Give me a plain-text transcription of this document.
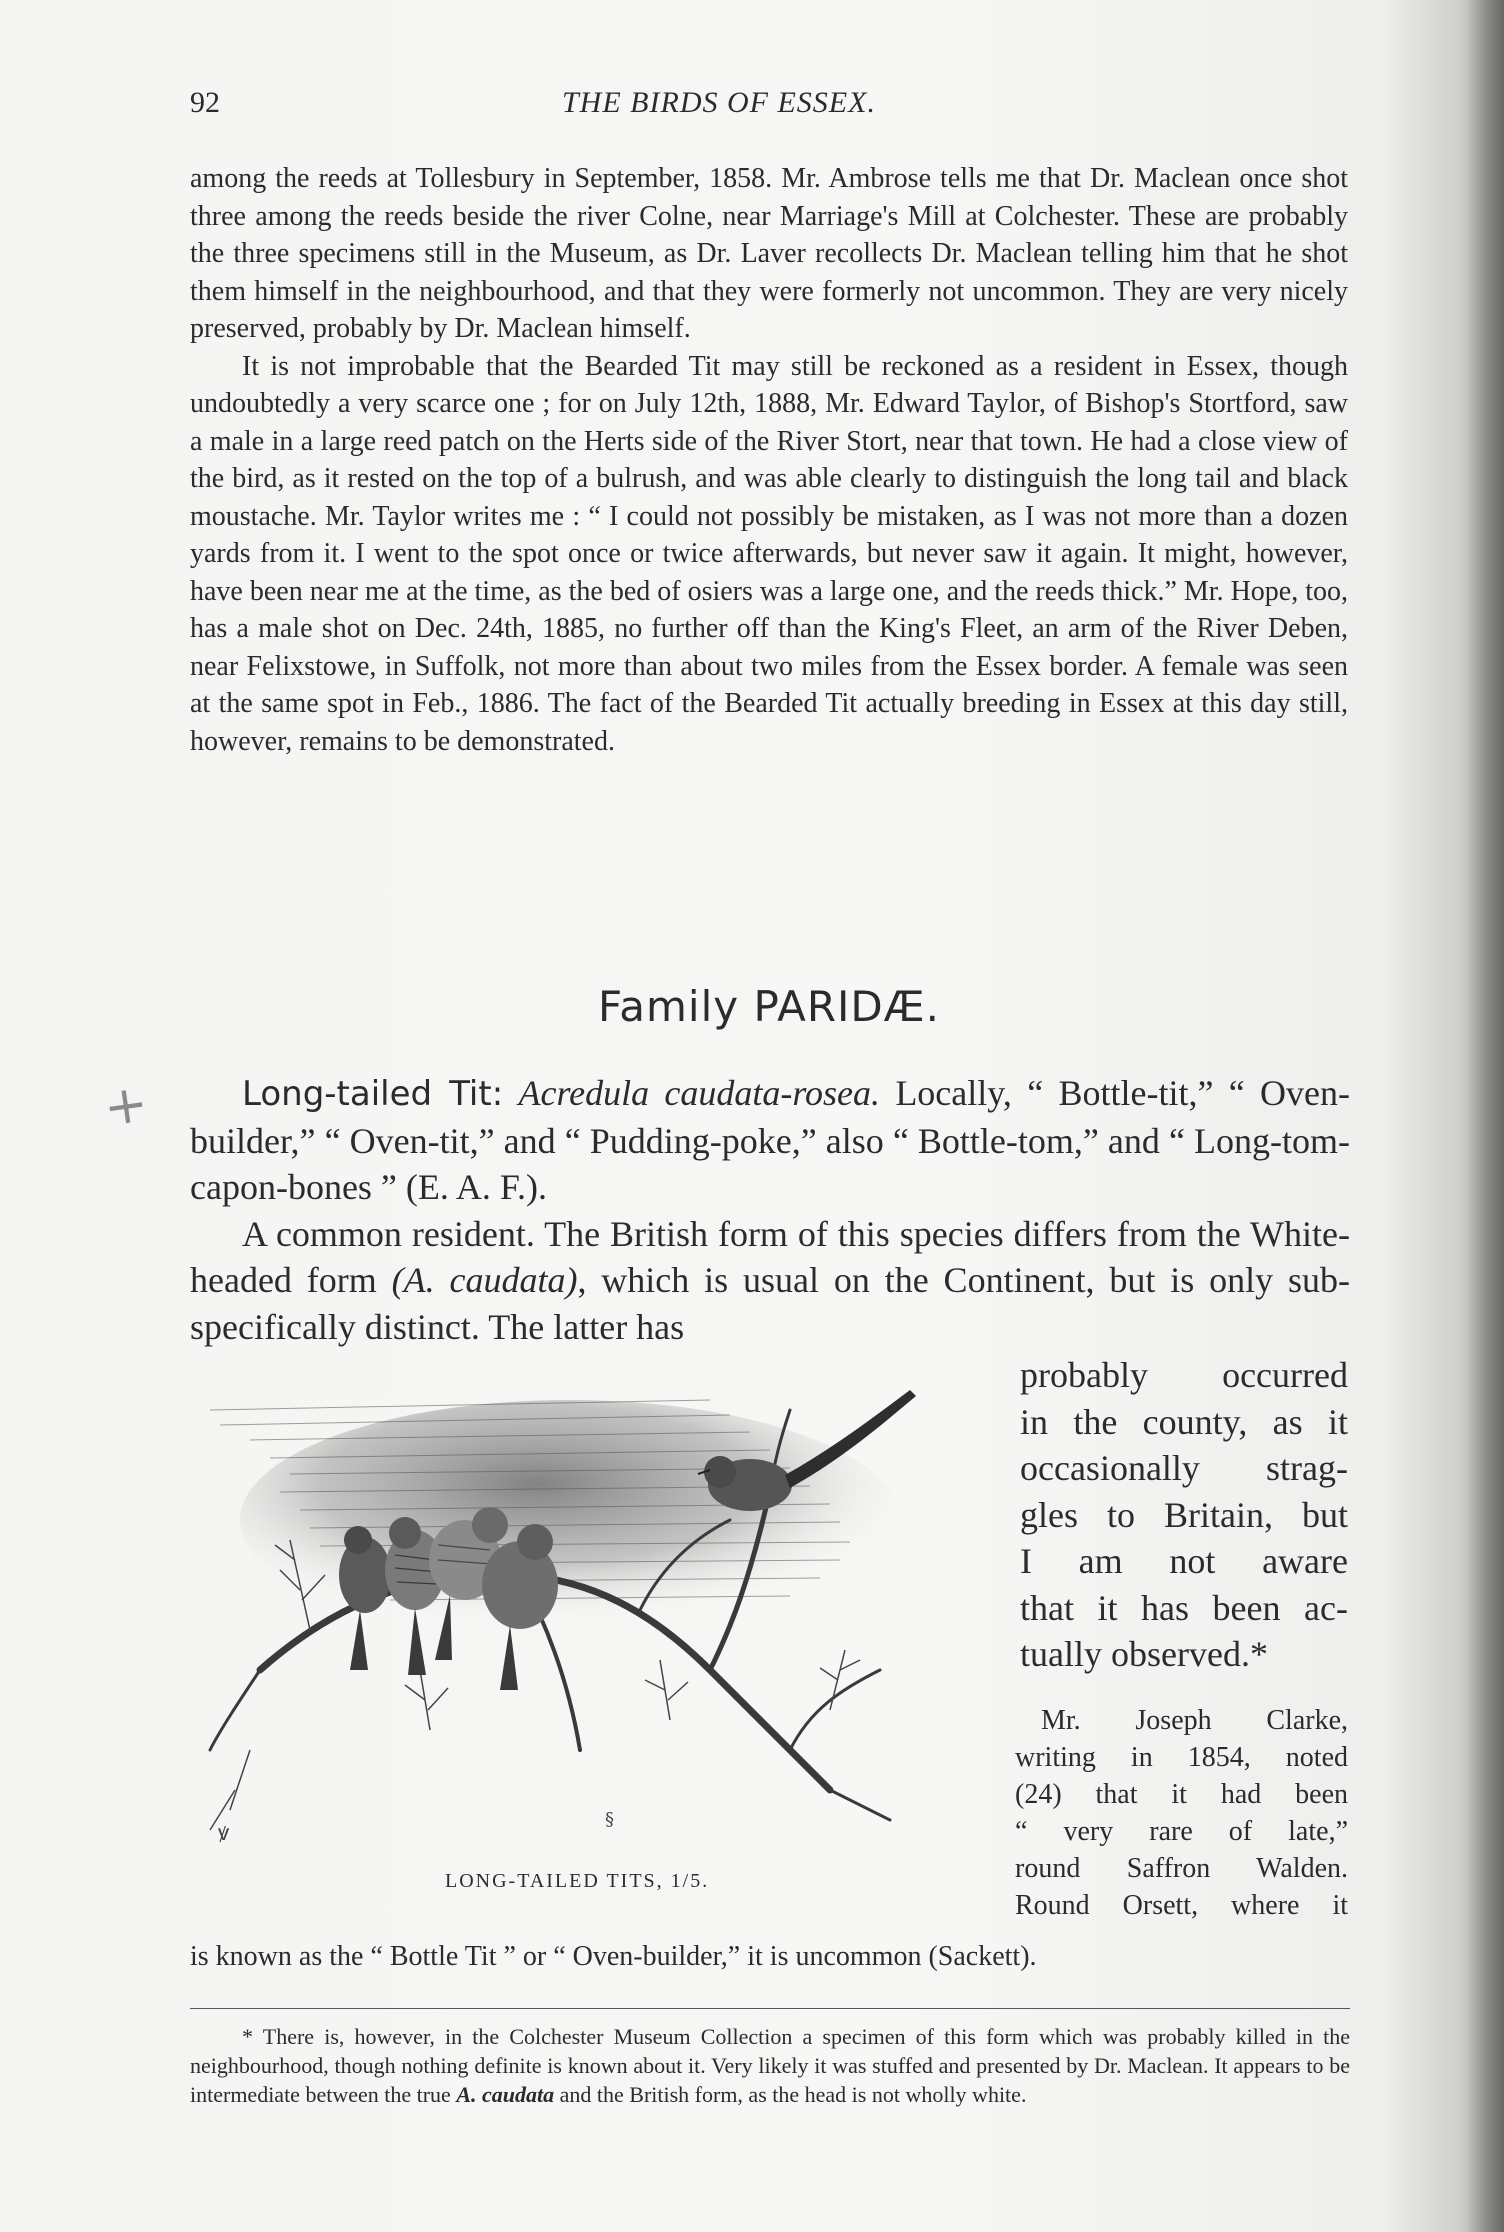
92	THE BIRDS OF ESSEX.

among the reeds at Tollesbury in September, 1858. Mr. Ambrose tells me that Dr. Maclean once shot three among the reeds beside the river Colne, near Marriage's Mill at Colchester. These are probably the three specimens still in the Museum, as Dr. Laver recollects Dr. Maclean telling him that he shot them himself in the neighbourhood, and that they were formerly not uncommon. They are very nicely preserved, probably by Dr. Maclean himself.

It is not improbable that the Bearded Tit may still be reckoned as a resident in Essex, though undoubtedly a very scarce one ; for on July 12th, 1888, Mr. Edward Taylor, of Bishop's Stortford, saw a male in a large reed patch on the Herts side of the River Stort, near that town. He had a close view of the bird, as it rested on the top of a bulrush, and was able clearly to distinguish the long tail and black moustache. Mr. Taylor writes me : “ I could not possibly be mistaken, as I was not more than a dozen yards from it. I went to the spot once or twice afterwards, but never saw it again. It might, however, have been near me at the time, as the bed of osiers was a large one, and the reeds thick.” Mr. Hope, too, has a male shot on Dec. 24th, 1885, no further off than the King's Fleet, an arm of the River Deben, near Felixstowe, in Suffolk, not more than about two miles from the Essex border. A female was seen at the same spot in Feb., 1886. The fact of the Bearded Tit actually breeding in Essex at this day still, however, remains to be demonstrated.

Family PARIDÆ.
+	Long-tailed Tit: Acredula caudata-rosea. Locally, “ Bottle-tit,” “ Oven-builder,” “ Oven-tit,” and “ Pudding-poke,” also “ Bottle-tom,” and “ Long-tom-capon-bones ” (E. A. F.).

A common resident. The British form of this species differs from the White-headed form (A. caudata), which is usual on the Continent, but is only sub-specifically distinct. The latter has

ꝟ
§
LONG-TAILED TITS, 1/5.
probably occurred
in the county, as it
occasionally strag-
gles to Britain, but
I am not aware
that it has been ac-
tually observed.*
Mr. Joseph Clarke,
writing in 1854, noted
(24) that it had been
“ very rare of late,”
round Saffron Walden.
Round Orsett, where it
is known as the “ Bottle Tit ” or “ Oven-builder,” it is uncommon (Sackett).

* There is, however, in the Colchester Museum Collection a specimen of this form which was probably killed in the neighbourhood, though nothing definite is known about it. Very likely it was stuffed and presented by Dr. Maclean. It appears to be intermediate between the true A. caudata and the British form, as the head is not wholly white.
